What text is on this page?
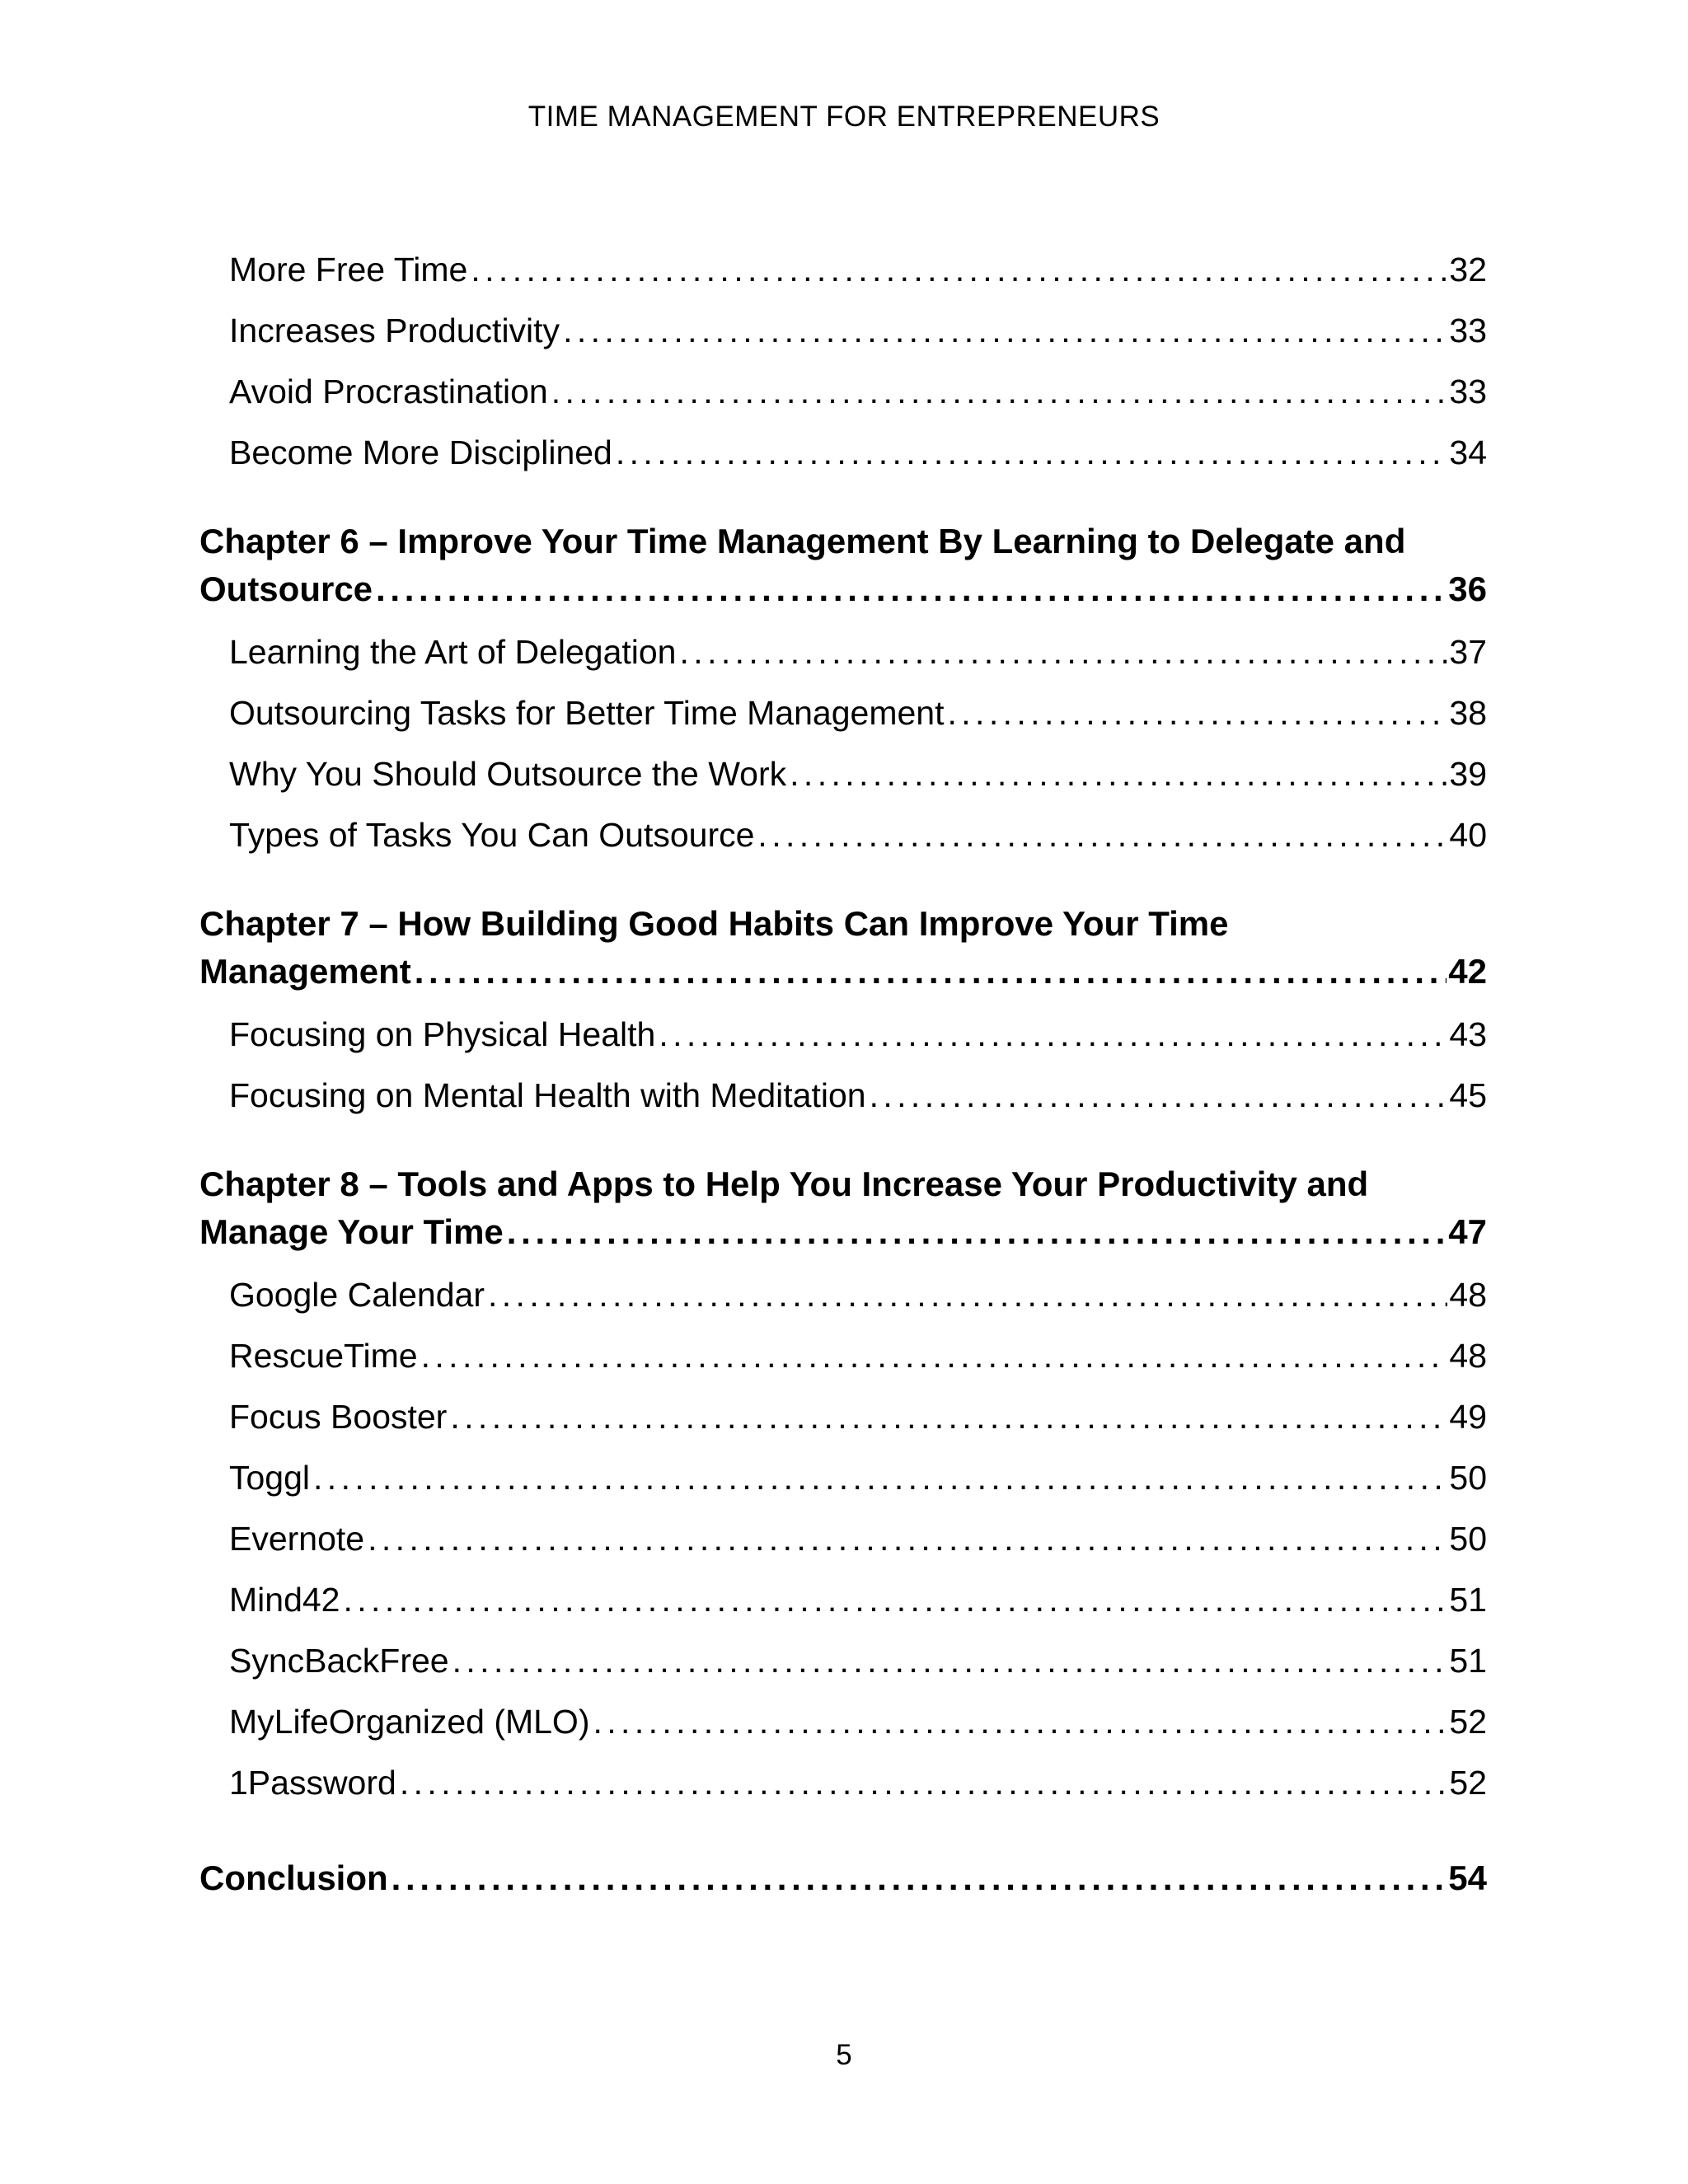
TIME MANAGEMENT FOR ENTREPRENEURS
More Free Time . . .	32
Increases Productivity . . .	33
Avoid Procrastination . . .	33
Become More Disciplined . . .	34
Chapter 6 – Improve Your Time Management By Learning to Delegate and
Outsource . . .	36
Learning the Art of Delegation . . .	37
Outsourcing Tasks for Better Time Management . . .	38
Why You Should Outsource the Work . . .	39
Types of Tasks You Can Outsource . . .	40
Chapter 7 – How Building Good Habits Can Improve Your Time
Management . . .	42
Focusing on Physical Health . . .	43
Focusing on Mental Health with Meditation . . .	45
Chapter 8 – Tools and Apps to Help You Increase Your Productivity and
Manage Your Time . . .	47
Google Calendar . . .	48
RescueTime . . .	48
Focus Booster . . .	49
Toggl . . .	50
Evernote . . .	50
Mind42 . . .	51
SyncBackFree . . .	51
MyLifeOrganized (MLO) . . .	52
1Password . . .	52
Conclusion . . .	54
5
